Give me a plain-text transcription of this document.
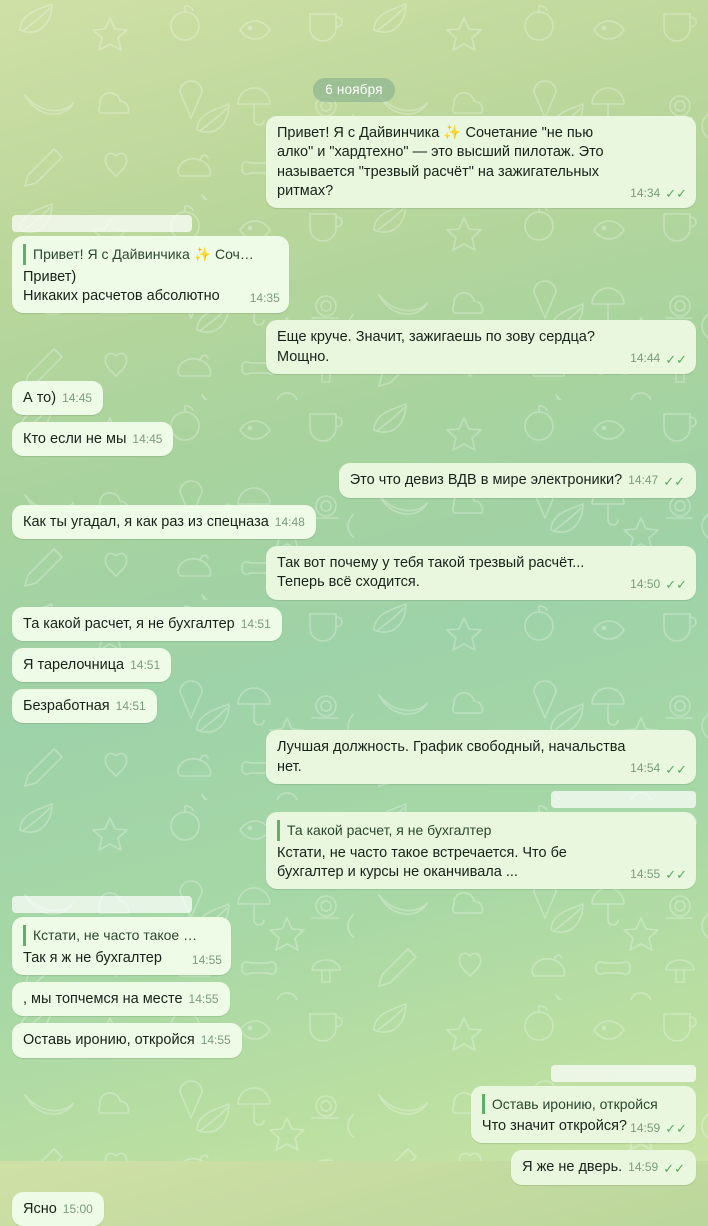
6 ноября
Привет! Я с Дайвинчика ✨ Сочетание "не пью алко" и "хардтехно" — это высший пилотаж. Это называется "трезвый расчёт" на зажигательных ритмах?	14:34 ✓✓
Привет! Я с Дайвинчика ✨ Соч…
Привет)
Никаких расчетов абсолютно	14:35
Еще круче. Значит, зажигаешь по зову сердца? Мощно.	14:44 ✓✓
А то) 14:45
Кто если не мы 14:45
Это что девиз ВДВ в мире электроники? 14:47 ✓✓
Как ты угадал, я как раз из спецназа 14:48
Так вот почему у тебя такой трезвый расчёт... Теперь всё сходится.	14:50 ✓✓
Та какой расчет, я не бухгалтер 14:51
Я тарелочница 14:51
Безработная 14:51
Лучшая должность. График свободный, начальства нет.	14:54 ✓✓
Та какой расчет, я не бухгалтер
Кстати, не часто такое встречается. Что бе бухгалтер и курсы не оканчивала ...	14:55 ✓✓
Кстати, не часто такое …
Так я ж не бухгалтер	14:55
, мы топчемся на месте 14:55
Оставь иронию, откройся 14:55
Оставь иронию, откройся
Что значит откройся? 14:59 ✓✓
Я же не дверь. 14:59 ✓✓
Ясно 15:00
